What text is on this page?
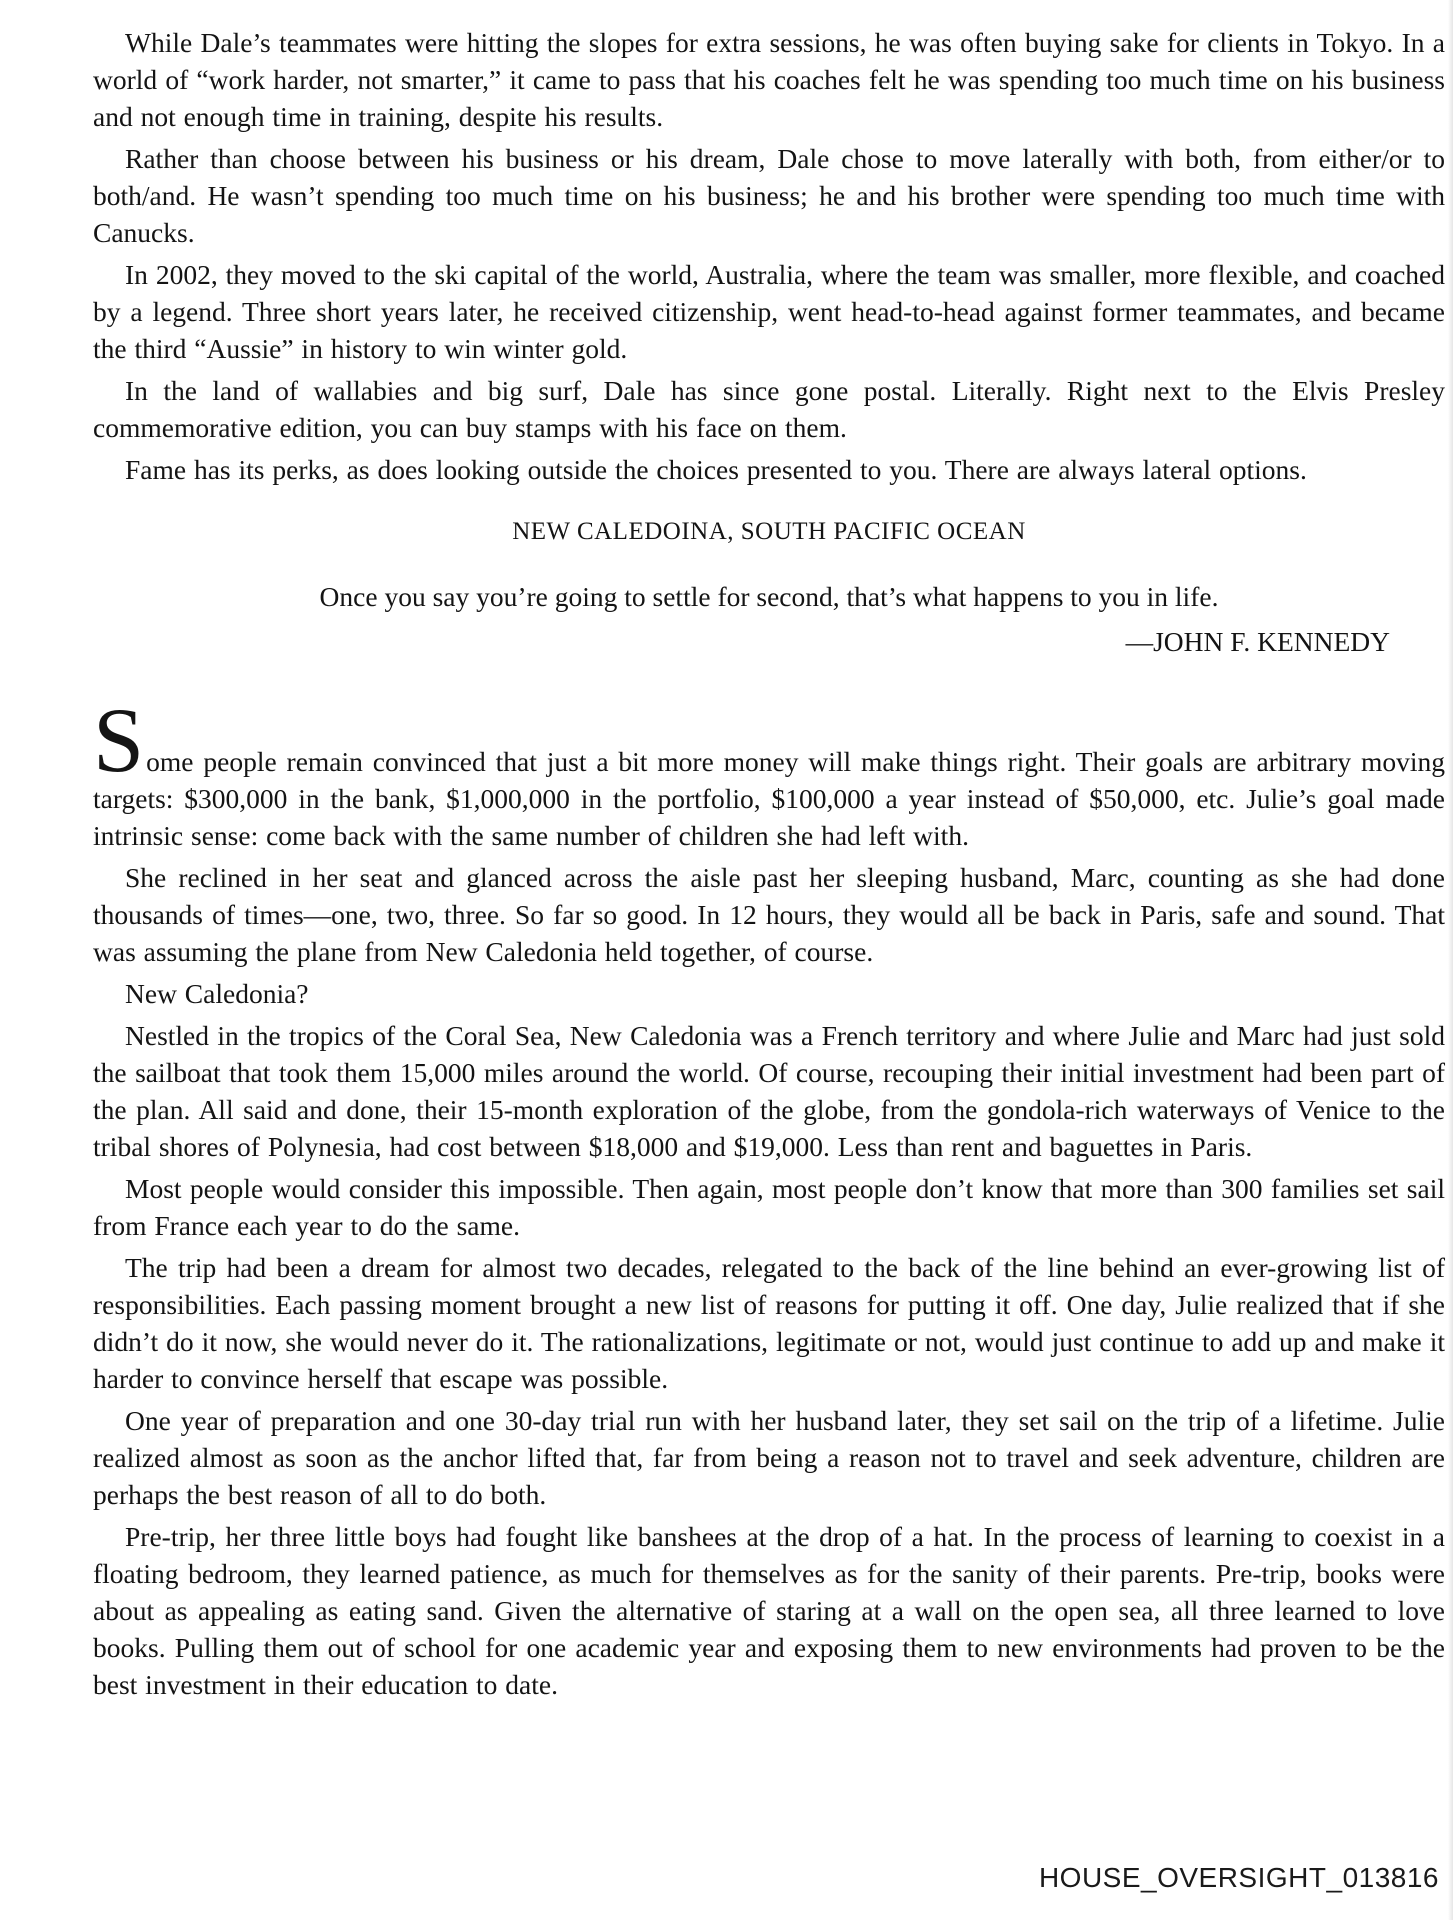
While Dale’s teammates were hitting the slopes for extra sessions, he was often buying sake for clients in Tokyo. In a world of “work harder, not smarter,” it came to pass that his coaches felt he was spending too much time on his business and not enough time in training, despite his results.

Rather than choose between his business or his dream, Dale chose to move laterally with both, from either/or to both/and. He wasn’t spending too much time on his business; he and his brother were spending too much time with Canucks.

In 2002, they moved to the ski capital of the world, Australia, where the team was smaller, more flexible, and coached by a legend. Three short years later, he received citizenship, went head-to-head against former teammates, and became the third “Aussie” in history to win winter gold.

In the land of wallabies and big surf, Dale has since gone postal. Literally. Right next to the Elvis Presley commemorative edition, you can buy stamps with his face on them.

Fame has its perks, as does looking outside the choices presented to you. There are always lateral options.

NEW CALEDOINA, SOUTH PACIFIC OCEAN

Once you say you’re going to settle for second, that’s what happens to you in life.

—JOHN F. KENNEDY

Some people remain convinced that just a bit more money will make things right. Their goals are arbitrary moving targets: $300,000 in the bank, $1,000,000 in the portfolio, $100,000 a year instead of $50,000, etc. Julie’s goal made intrinsic sense: come back with the same number of children she had left with.

She reclined in her seat and glanced across the aisle past her sleeping husband, Marc, counting as she had done thousands of times—one, two, three. So far so good. In 12 hours, they would all be back in Paris, safe and sound. That was assuming the plane from New Caledonia held together, of course.

New Caledonia?

Nestled in the tropics of the Coral Sea, New Caledonia was a French territory and where Julie and Marc had just sold the sailboat that took them 15,000 miles around the world. Of course, recouping their initial investment had been part of the plan. All said and done, their 15-month exploration of the globe, from the gondola-rich waterways of Venice to the tribal shores of Polynesia, had cost between $18,000 and $19,000. Less than rent and baguettes in Paris.

Most people would consider this impossible. Then again, most people don’t know that more than 300 families set sail from France each year to do the same.

The trip had been a dream for almost two decades, relegated to the back of the line behind an ever-growing list of responsibilities. Each passing moment brought a new list of reasons for putting it off. One day, Julie realized that if she didn’t do it now, she would never do it. The rationalizations, legitimate or not, would just continue to add up and make it harder to convince herself that escape was possible.

One year of preparation and one 30-day trial run with her husband later, they set sail on the trip of a lifetime. Julie realized almost as soon as the anchor lifted that, far from being a reason not to travel and seek adventure, children are perhaps the best reason of all to do both.

Pre-trip, her three little boys had fought like banshees at the drop of a hat. In the process of learning to coexist in a floating bedroom, they learned patience, as much for themselves as for the sanity of their parents. Pre-trip, books were about as appealing as eating sand. Given the alternative of staring at a wall on the open sea, all three learned to love books. Pulling them out of school for one academic year and exposing them to new environments had proven to be the best investment in their education to date.

HOUSE_OVERSIGHT_013816
